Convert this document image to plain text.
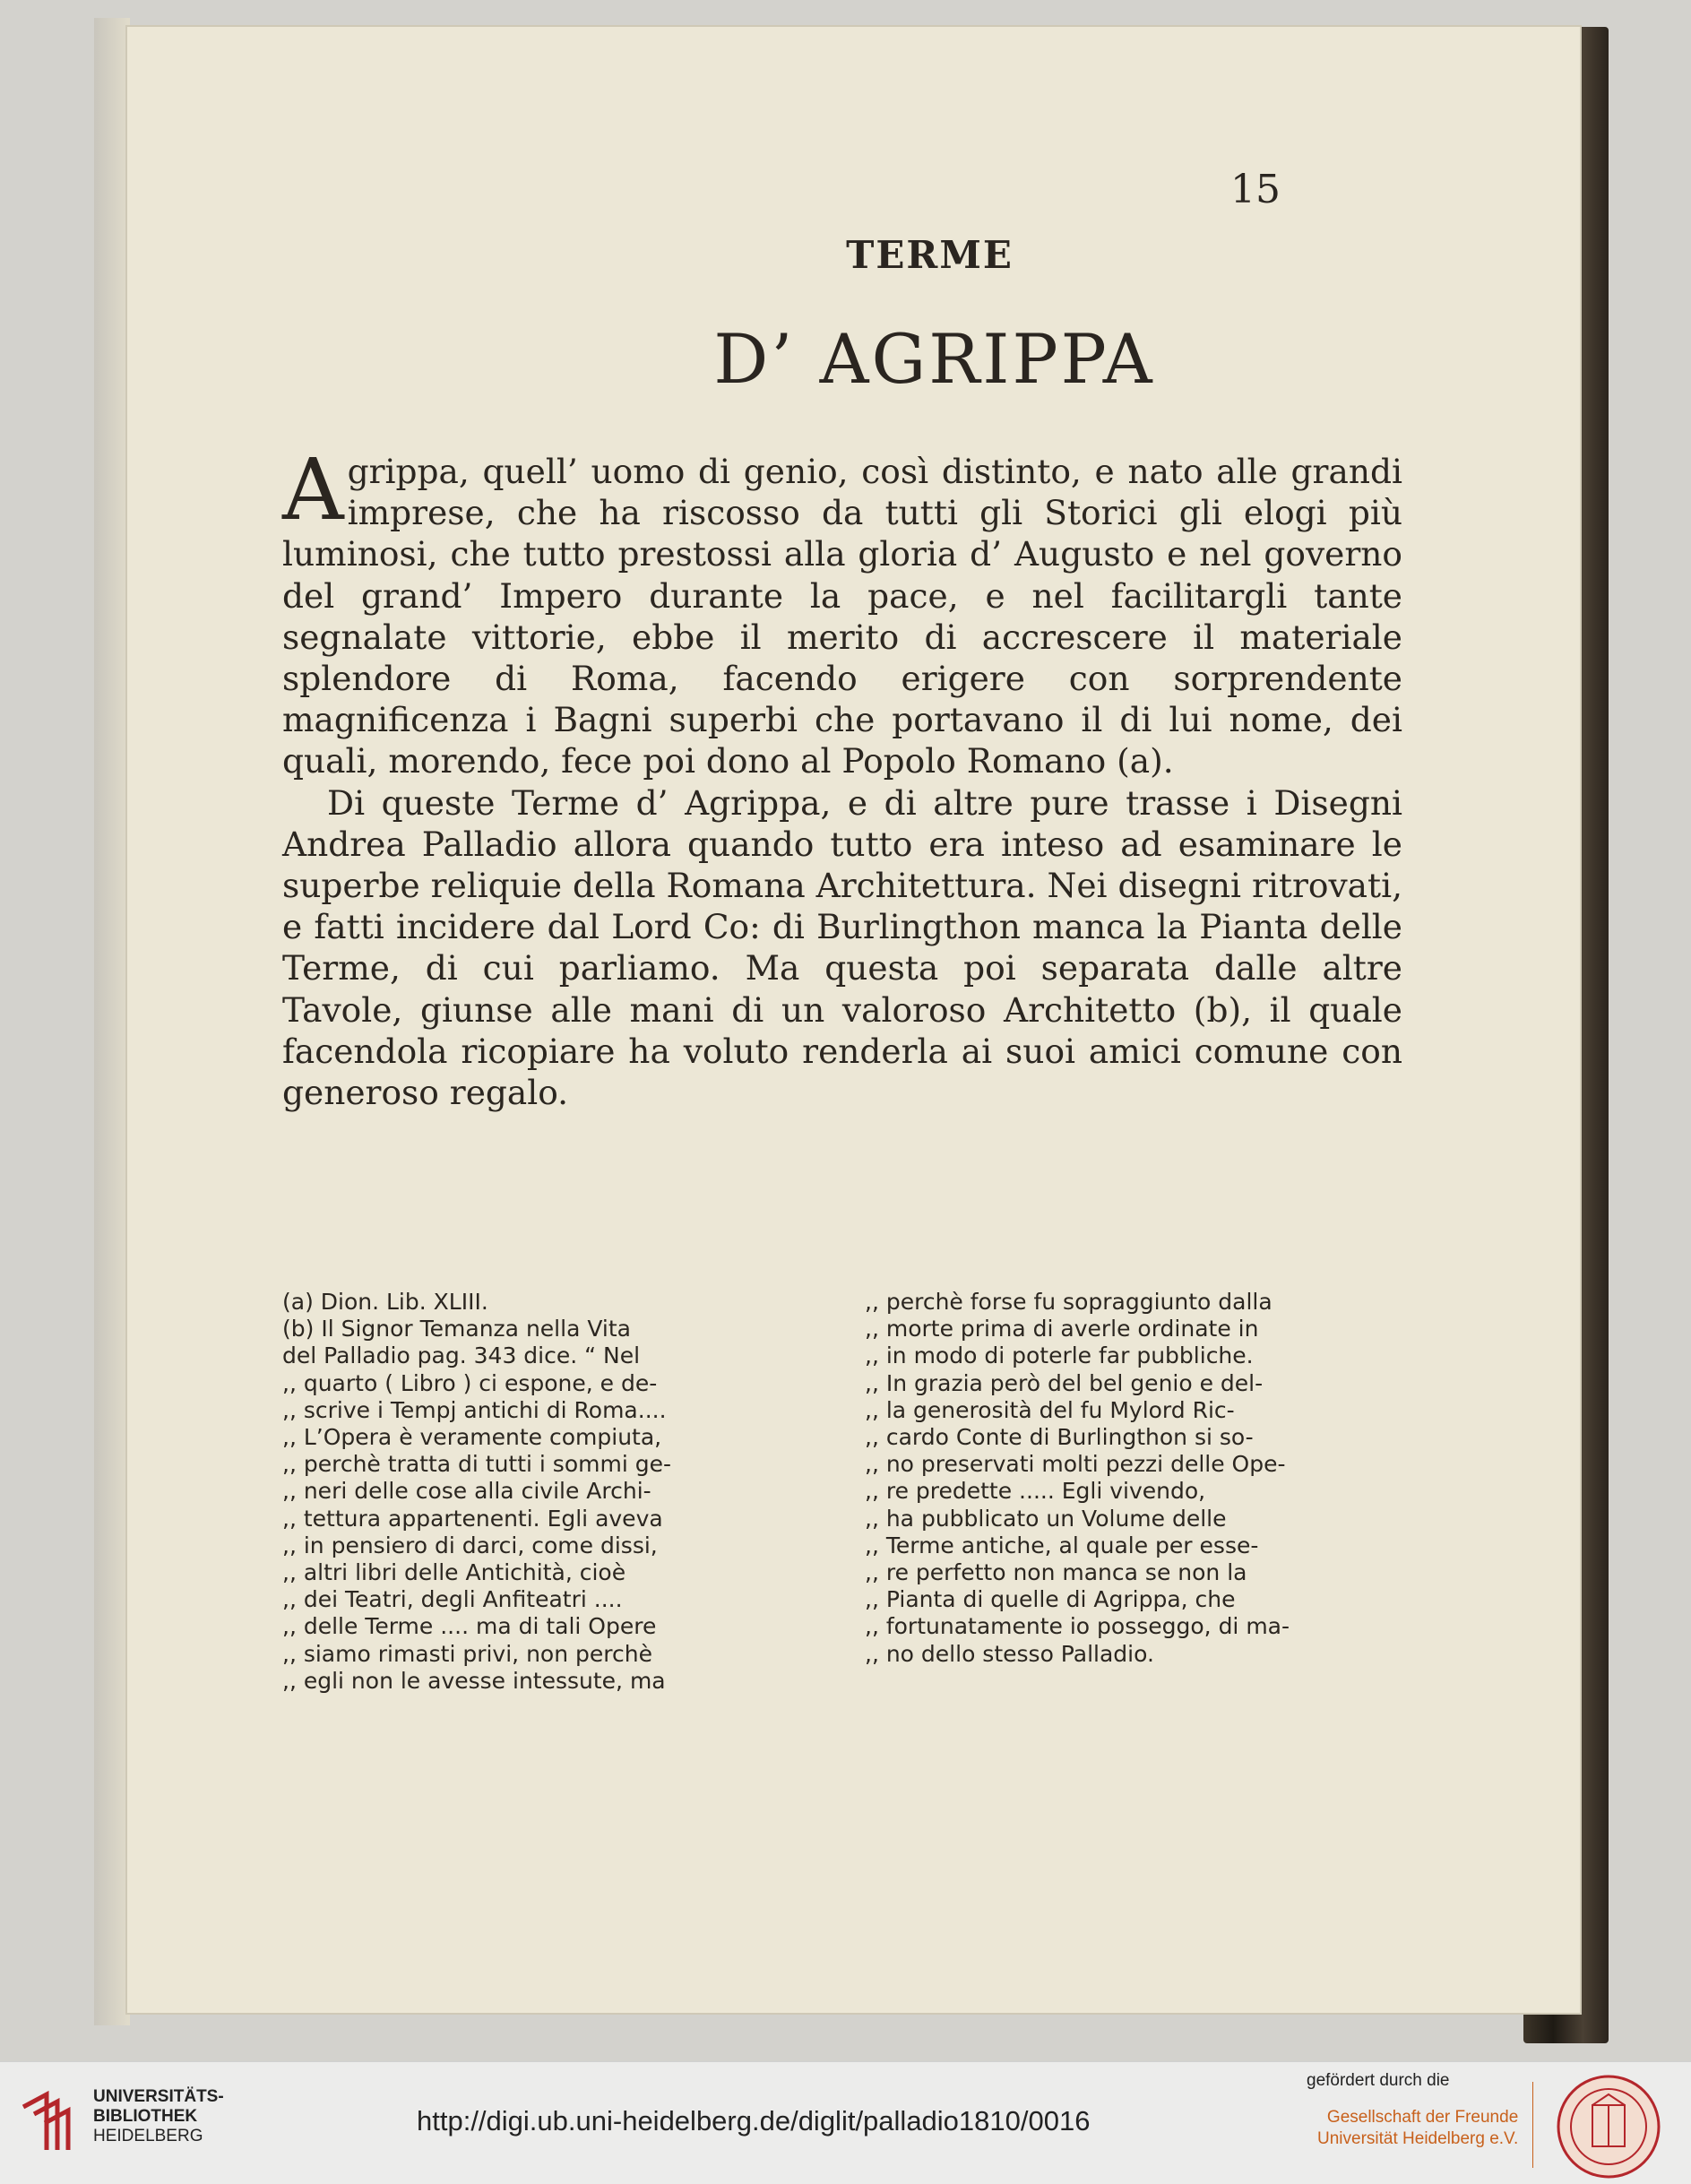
15
TERME
D’ AGRIPPA

Agrippa, quell’ uomo di genio, così distinto, e nato alle grandi imprese, che ha riscosso da tutti gli Storici gli elogi più luminosi, che tutto prestossi alla gloria d’ Augusto e nel governo del grand’ Impero durante la pace, e nel facilitargli tante segnalate vittorie, ebbe il merito di accrescere il materiale splendore di Roma, facendo erigere con sorprendente magnificenza i Bagni superbi che portavano il di lui nome, dei quali, morendo, fece poi dono al Popolo Romano (a).

Di queste Terme d’ Agrippa, e di altre pure trasse i Disegni Andrea Palladio allora quando tutto era inteso ad esaminare le superbe reliquie della Romana Architettura. Nei disegni ritrovati, e fatti incidere dal Lord Co: di Burlingthon manca la Pianta delle Terme, di cui parliamo. Ma questa poi separata dalle altre Tavole, giunse alle mani di un valoroso Architetto (b), il quale facendola ricopiare ha voluto renderla ai suoi amici comune con generoso regalo.

(a) Dion. Lib. XLIII.
(b) Il Signor Temanza nella Vita
del Palladio pag. 343 dice. “ Nel
,, quarto ( Libro ) ci espone, e de-
,, scrive i Tempj antichi di Roma....
,, L’Opera è veramente compiuta,
,, perchè tratta di tutti i sommi ge-
,, neri delle cose alla civile Archi-
,, tettura appartenenti. Egli aveva
,, in pensiero di darci, come dissi,
,, altri libri delle Antichità, cioè
,, dei Teatri, degli Anfiteatri ....
,, delle Terme .... ma di tali Opere
,, siamo rimasti privi, non perchè
,, egli non le avesse intessute, ma
,, perchè forse fu sopraggiunto dalla
,, morte prima di averle ordinate in
,, in modo di poterle far pubbliche.
,, In grazia però del bel genio e del-
,, la generosità del fu Mylord Ric-
,, cardo Conte di Burlingthon si so-
,, no preservati molti pezzi delle Ope-
,, re predette ..... Egli vivendo,
,, ha pubblicato un Volume delle
,, Terme antiche, al quale per esse-
,, re perfetto non manca se non la
,, Pianta di quelle di Agrippa, che
,, fortunatamente io posseggo, di ma-
,, no dello stesso Palladio.
UNIVERSITÄTS-
BIBLIOTHEK
HEIDELBERG	http://digi.ub.uni-heidelberg.de/diglit/palladio1810/0016
gefördert durch die
Gesellschaft der Freunde
Universität Heidelberg e.V.
